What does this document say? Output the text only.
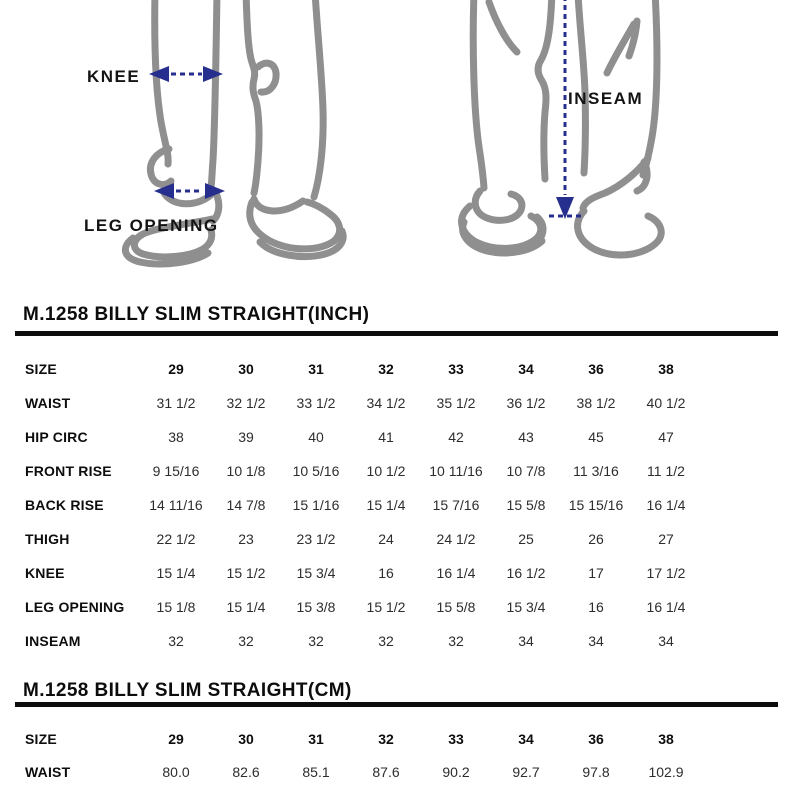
KNEE
LEG OPENING
INSEAM
M.1258 BILLY SLIM STRAIGHT(INCH)
SIZE	29	30	31	32	33	34	36	38
WAIST	31 1/2	32 1/2	33 1/2	34 1/2	35 1/2	36 1/2	38 1/2	40 1/2
HIP CIRC	38	39	40	41	42	43	45	47
FRONT RISE	9 15/16	10 1/8	10 5/16	10 1/2	10 11/16	10 7/8	11 3/16	11 1/2
BACK RISE	14 11/16	14 7/8	15 1/16	15 1/4	15 7/16	15 5/8	15 15/16	16 1/4
THIGH	22 1/2	23	23 1/2	24	24 1/2	25	26	27
KNEE	15 1/4	15 1/2	15 3/4	16	16 1/4	16 1/2	17	17 1/2
LEG OPENING	15 1/8	15 1/4	15 3/8	15 1/2	15 5/8	15 3/4	16	16 1/4
INSEAM	32	32	32	32	32	34	34	34
M.1258 BILLY SLIM STRAIGHT(CM)
SIZE	29	30	31	32	33	34	36	38
WAIST	80.0	82.6	85.1	87.6	90.2	92.7	97.8	102.9
